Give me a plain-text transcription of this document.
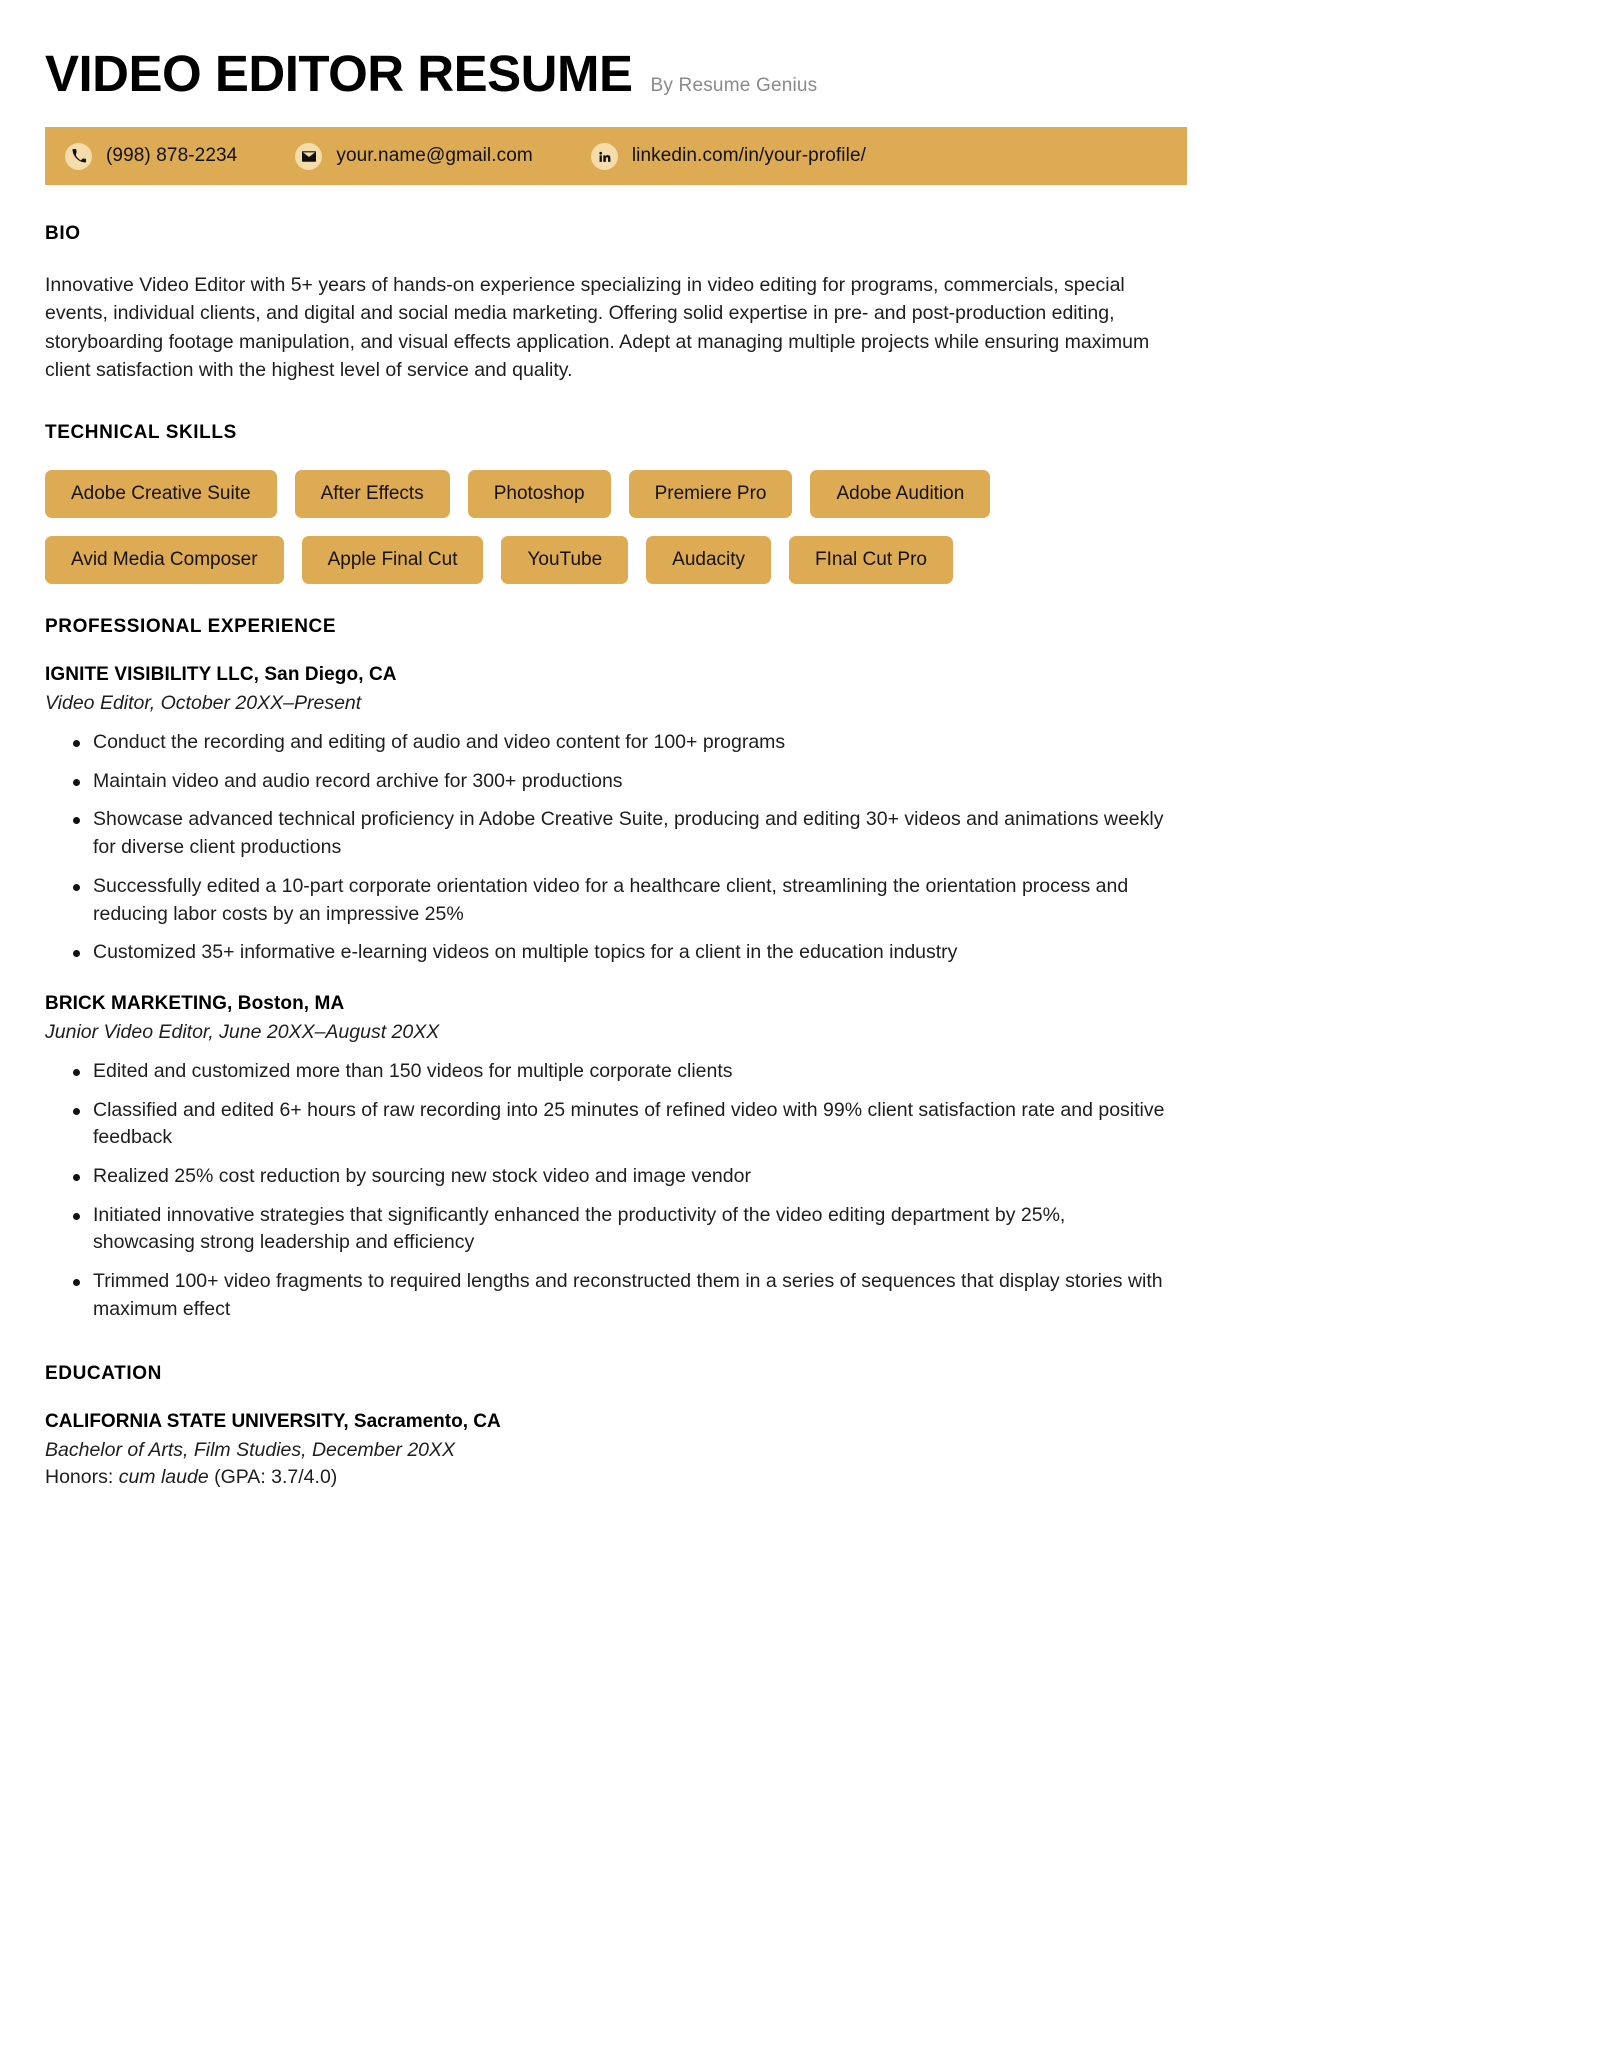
VIDEO EDITOR RESUME By Resume Genius
(998) 878-2234	your.name@gmail.com	linkedin.com/in/your-profile/
BIO
Innovative Video Editor with 5+ years of hands-on experience specializing in video editing for programs, commercials, special events, individual clients, and digital and social media marketing. Offering solid expertise in pre- and post-production editing, storyboarding footage manipulation, and visual effects application. Adept at managing multiple projects while ensuring maximum client satisfaction with the highest level of service and quality.
TECHNICAL SKILLS
Adobe Creative Suite	After Effects	Photoshop	Premiere Pro	Adobe Audition
Avid Media Composer	Apple Final Cut	YouTube	Audacity	FInal Cut Pro
PROFESSIONAL EXPERIENCE
IGNITE VISIBILITY LLC, San Diego, CA
Video Editor, October 20XX–Present
Conduct the recording and editing of audio and video content for 100+ programs
Maintain video and audio record archive for 300+ productions
Showcase advanced technical proficiency in Adobe Creative Suite, producing and editing 30+ videos and animations weekly for diverse client productions
Successfully edited a 10-part corporate orientation video for a healthcare client, streamlining the orientation process and reducing labor costs by an impressive 25%
Customized 35+ informative e-learning videos on multiple topics for a client in the education industry
BRICK MARKETING, Boston, MA
Junior Video Editor, June 20XX–August 20XX
Edited and customized more than 150 videos for multiple corporate clients
Classified and edited 6+ hours of raw recording into 25 minutes of refined video with 99% client satisfaction rate and positive feedback
Realized 25% cost reduction by sourcing new stock video and image vendor
Initiated innovative strategies that significantly enhanced the productivity of the video editing department by 25%, showcasing strong leadership and efficiency
Trimmed 100+ video fragments to required lengths and reconstructed them in a series of sequences that display stories with maximum effect
EDUCATION
CALIFORNIA STATE UNIVERSITY, Sacramento, CA
Bachelor of Arts, Film Studies, December 20XX
Honors: cum laude (GPA: 3.7/4.0)
